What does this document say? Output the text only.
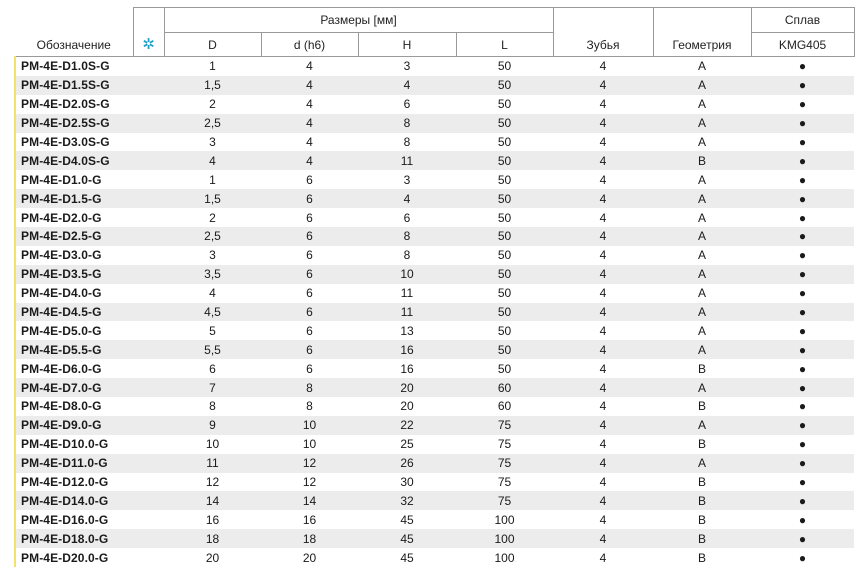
Обозначение	✲	Размеры [мм]				Зубья	Геометрия	Сплав
		D	d (h6)	H	L			KMG405
PM-4E-D1.0S-G		1	4	3	50	4	A	●
PM-4E-D1.5S-G		1,5	4	4	50	4	A	●
PM-4E-D2.0S-G		2	4	6	50	4	A	●
PM-4E-D2.5S-G		2,5	4	8	50	4	A	●
PM-4E-D3.0S-G		3	4	8	50	4	A	●
PM-4E-D4.0S-G		4	4	11	50	4	B	●
PM-4E-D1.0-G		1	6	3	50	4	A	●
PM-4E-D1.5-G		1,5	6	4	50	4	A	●
PM-4E-D2.0-G		2	6	6	50	4	A	●
PM-4E-D2.5-G		2,5	6	8	50	4	A	●
PM-4E-D3.0-G		3	6	8	50	4	A	●
PM-4E-D3.5-G		3,5	6	10	50	4	A	●
PM-4E-D4.0-G		4	6	11	50	4	A	●
PM-4E-D4.5-G		4,5	6	11	50	4	A	●
PM-4E-D5.0-G		5	6	13	50	4	A	●
PM-4E-D5.5-G		5,5	6	16	50	4	A	●
PM-4E-D6.0-G		6	6	16	50	4	B	●
PM-4E-D7.0-G		7	8	20	60	4	A	●
PM-4E-D8.0-G		8	8	20	60	4	B	●
PM-4E-D9.0-G		9	10	22	75	4	A	●
PM-4E-D10.0-G		10	10	25	75	4	B	●
PM-4E-D11.0-G		11	12	26	75	4	A	●
PM-4E-D12.0-G		12	12	30	75	4	B	●
PM-4E-D14.0-G		14	14	32	75	4	B	●
PM-4E-D16.0-G		16	16	45	100	4	B	●
PM-4E-D18.0-G		18	18	45	100	4	B	●
PM-4E-D20.0-G		20	20	45	100	4	B	●
